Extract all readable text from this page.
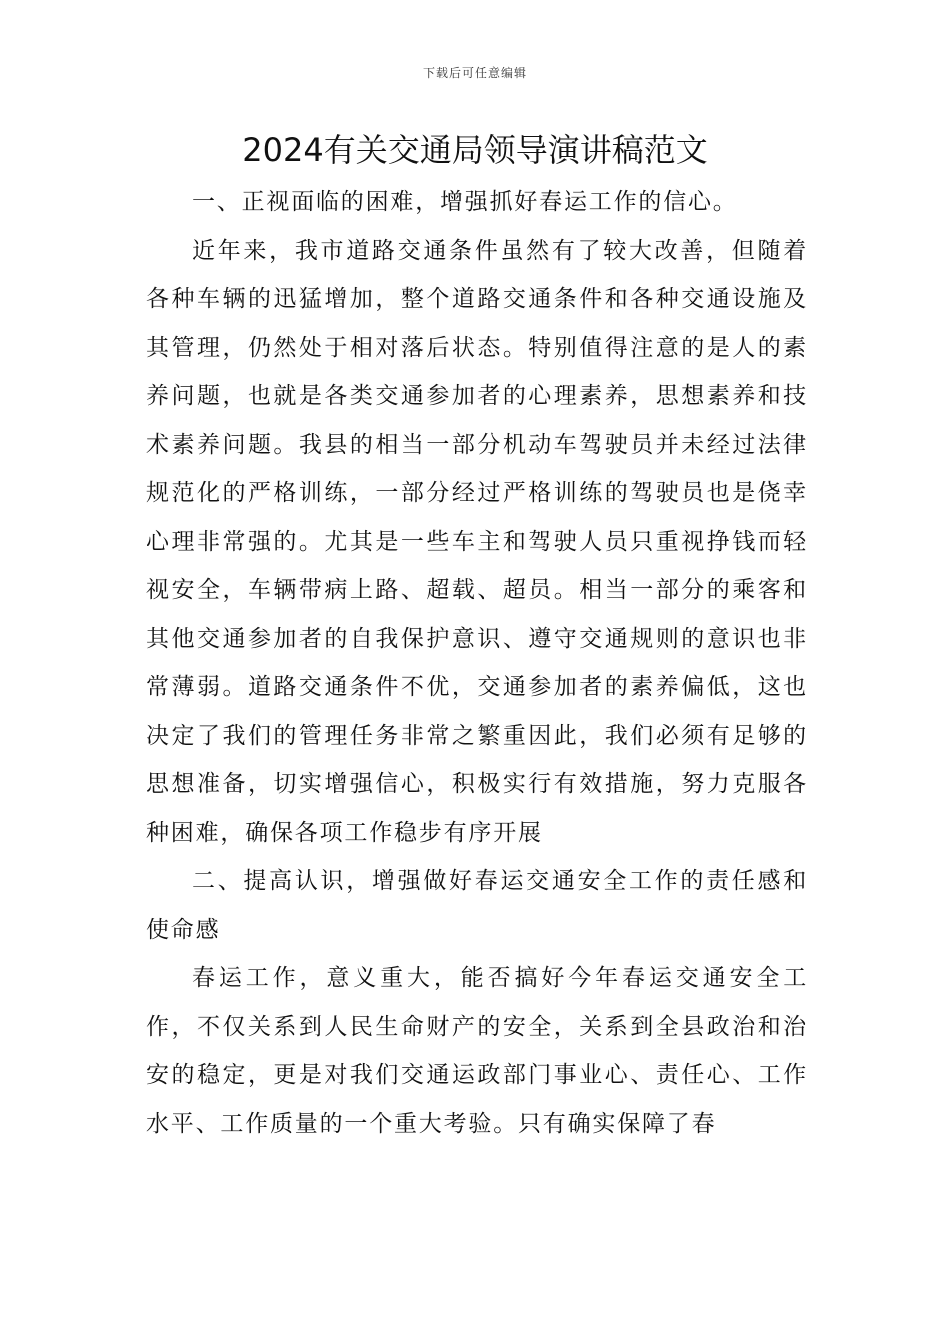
下载后可任意编辑
2024有关交通局领导演讲稿范文

一、正视面临的困难，增强抓好春运工作的信心。

近年来，我市道路交通条件虽然有了较大改善，但随着各种车辆的迅猛增加，整个道路交通条件和各种交通设施及其管理，仍然处于相对落后状态。特别值得注意的是人的素养问题，也就是各类交通参加者的心理素养，思想素养和技术素养问题。我县的相当一部分机动车驾驶员并未经过法律规范化的严格训练，一部分经过严格训练的驾驶员也是侥幸心理非常强的。尤其是一些车主和驾驶人员只重视挣钱而轻视安全，车辆带病上路、超载、超员。相当一部分的乘客和其他交通参加者的自我保护意识、遵守交通规则的意识也非常薄弱。道路交通条件不优，交通参加者的素养偏低，这也决定了我们的管理任务非常之繁重因此，我们必须有足够的思想准备，切实增强信心，积极实行有效措施，努力克服各种困难，确保各项工作稳步有序开展

二、提高认识，增强做好春运交通安全工作的责任感和使命感

春运工作，意义重大，能否搞好今年春运交通安全工作，不仅关系到人民生命财产的安全，关系到全县政治和治安的稳定，更是对我们交通运政部门事业心、责任心、工作水平、工作质量的一个重大考验。只有确实保障了春
